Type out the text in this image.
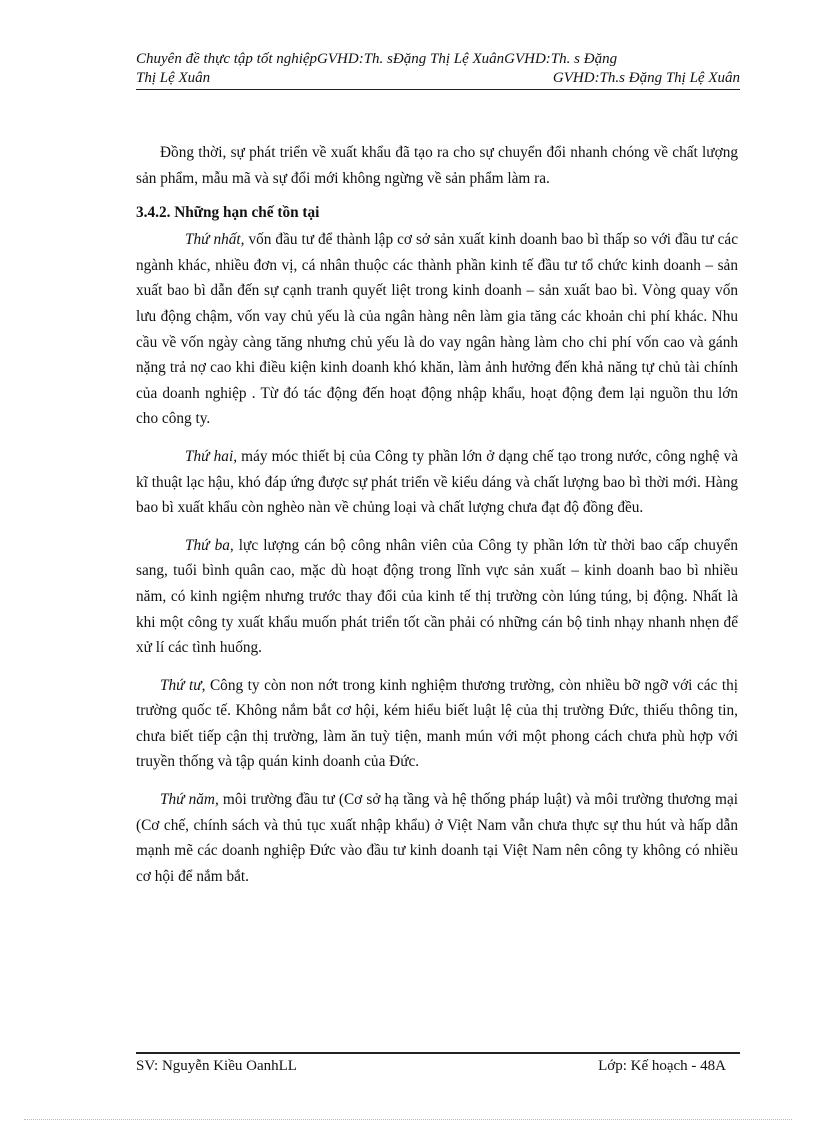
Chuyên đề thực tập tốt nghiệpGVHD:Th. sĐặng Thị Lệ XuânGVHD:Th. s Đặng
Thị Lệ Xuân	GVHD:Th.s Đặng Thị Lệ Xuân

Đồng thời, sự phát triển về xuất khẩu đã tạo ra cho sự chuyển đổi nhanh chóng về chất lượng sản phẩm, mẫu mã và sự đổi mới không ngừng về sản phẩm làm ra.

3.4.2. Những hạn chế tồn tại

Thứ nhất, vốn đầu tư để thành lập cơ sở sản xuất kinh doanh bao bì thấp so với đầu tư các ngành khác, nhiều đơn vị, cá nhân thuộc các thành phần kinh tế đầu tư tổ chức kinh doanh – sản xuất bao bì dẫn đến sự cạnh tranh quyết liệt trong kinh doanh – sản xuất bao bì. Vòng quay vốn lưu động chậm, vốn vay chủ yếu là của ngân hàng nên làm gia tăng các khoản chi phí khác. Nhu cầu về vốn ngày càng tăng nhưng chủ yếu là do vay ngân hàng làm cho chi phí vốn cao và gánh nặng trả nợ cao khi điều kiện kinh doanh khó khăn, làm ảnh hưởng đến khả năng tự chủ tài chính của doanh nghiệp . Từ đó tác động đến hoạt động nhập khẩu, hoạt động đem lại nguồn thu lớn cho công ty.

Thứ hai, máy móc thiết bị của Công ty phần lớn ở dạng chế tạo trong nước, công nghệ và kĩ thuật lạc hậu, khó đáp ứng được sự phát triển về kiểu dáng và chất lượng bao bì thời mới. Hàng bao bì xuất khẩu còn nghèo nàn về chủng loại và chất lượng chưa đạt độ đồng đều.

Thứ ba, lực lượng cán bộ công nhân viên của Công ty phần lớn từ thời bao cấp chuyển sang, tuổi bình quân cao, mặc dù hoạt động trong lĩnh vực sản xuất – kinh doanh bao bì nhiều năm, có kinh ngiệm nhưng trước thay đổi của kinh tế thị trường còn lúng túng, bị động. Nhất là khi một công ty xuất khẩu muốn phát triển tốt cần phải có những cán bộ tinh nhạy nhanh nhẹn để xử lí các tình huống.

Thứ tư, Công ty còn non nớt trong kinh nghiệm thương trường, còn nhiều bỡ ngỡ với các thị trường quốc tế. Không nắm bắt cơ hội, kém hiểu biết luật lệ của thị trường Đức, thiếu thông tin, chưa biết tiếp cận thị trường, làm ăn tuỳ tiện, manh mún với một phong cách chưa phù hợp với truyền thống và tập quán kinh doanh của Đức.

Thứ năm, môi trường đầu tư (Cơ sở hạ tầng và hệ thống pháp luật) và môi trường thương mại (Cơ chế, chính sách và thủ tục xuất nhập khẩu) ở Việt Nam vẫn chưa thực sự thu hút và hấp dẫn mạnh mẽ các doanh nghiệp Đức vào đầu tư kinh doanh tại Việt Nam nên công ty không có nhiều cơ hội để nắm bắt.

SV: Nguyễn Kiều OanhLL	Lớp: Kế hoạch - 48A
